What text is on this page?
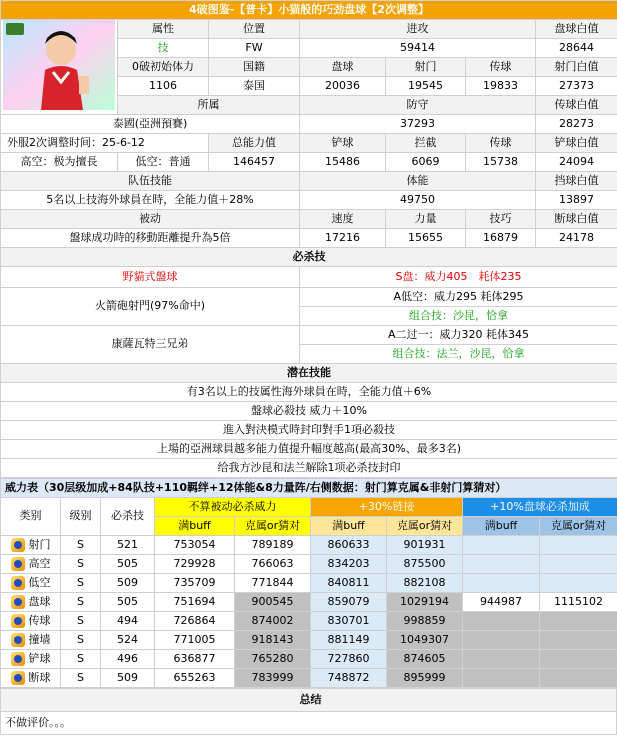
4破图鉴-【普卡】小猫般的巧劲盘球【2次调整】						
	属性	位置	进攻			盘球白值
	技	FW	59414			28644
	0破初始体力	国籍	盘球	射门	传球	射门白值
	1106	泰国	20036	19545	19833	27373
	所属		防守			传球白值
泰國(亞洲預賽)			37293			28273
外服2次调整时间：25-6-12		总能力值	铲球	拦截	传球	铲球白值
高空：极为擅長	低空：普通	146457	15486	6069	15738	24094
队伍技能			体能			挡球白值
5名以上技海外球員在時，全能力值＋28%			49750			13897
被动			速度	力量	技巧	断球白值
盤球成功時的移動距離提升為5倍			17216	15655	16879	24178
必杀技						
野貓式盤球			S盘：威力405　耗体235			
火箭砲射門(97%命中)			A低空：威力295 耗体295			
			组合技：沙昆，恰拿			
康薩瓦特三兄弟			A二过一：威力320 耗体345			
			组合技：法兰，沙昆，恰拿			
潜在技能						
有3名以上的技属性海外球員在時，全能力值＋6%						
盤球必殺技 威力＋10%						
進入對決模式時封印對手1項必殺技						
上場的亞洲球員越多能力值提升幅度越高(最高30%、最多3名)						
给我方沙昆和法兰解除1项必杀技封印						
威力表（30层级加成+84队技+110羁绊+12体能&8力量阵/右侧数据：射门算克属&非射门算猜对）								
类别	级别	必杀技	不算被动必杀威力		+30%链接		+10%盘球必杀加成	
			满buff	克属or猜对	满buff	克属or猜对	满buff	克属or猜对
射门	S	521	753054	789189	860633	901931		
高空	S	505	729928	766063	834203	875500		
低空	S	509	735709	771844	840811	882108		
盘球	S	505	751694	900545	859079	1029194	944987	1115102
传球	S	494	726864	874002	830701	998859		
撞墙	S	524	771005	918143	881149	1049307		
铲球	S	496	636877	765280	727860	874605		
断球	S	509	655263	783999	748872	895999		
总结
不做评价。。。
